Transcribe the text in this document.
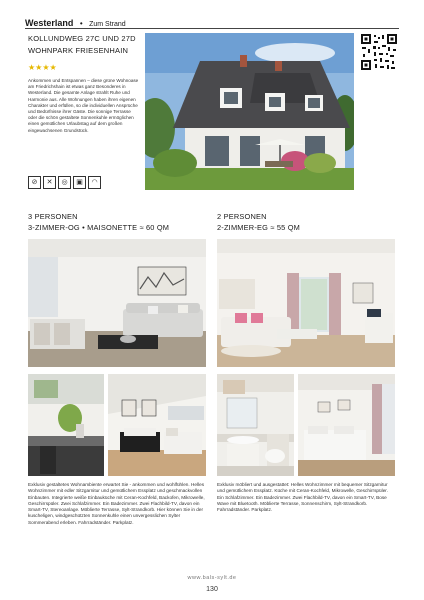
Westerland • Zum Strand
KOLLUNDWEG 27C UND 27D
WOHNPARK FRIESENHAIN
★★★★
Ankommen und Entspannen – diese grüne Wohnoase am Friedrichshain ist etwas ganz Besonderes in Westerland. Die gesamte Anlage strahlt Ruhe und Harmonie aus. Alle Wohnungen haben ihren eigenen Charakter und erfüllen, so die individuellen Ansprüche und Bedürfnisse ihrer Gäste. Die sonnige Terrasse oder die schön gestaltete Sonnenkuhle ermöglichen einen gemütlichen Urlaubstag auf dem großen eingewachsenen Grundstück.
⊘	✕	◎	▣	◠
3 PERSONEN
3-ZIMMER-OG • MAISONETTE ≈ 60 QM
2 PERSONEN
2-ZIMMER-EG ≈ 55 QM
Exklusiv gestaltetes Wohnambiente erwartet Sie - ankommen und wohlfühlen. Helles Wohnzimmer mit edler Sitzgarnitur und gemütlichem Essplatz und geschmackvollen Einbauten. Integrierte weiße Einbauküche mit Ceran-Kochfeld, Backofen, Mikrowelle, Geschirrspüler. Zwei Schlafzimmer. Ein Badezimmer. Zwei Flachbild-TV, davon ein Smart-TV, Stereoanlage. Möblierte Terrasse, Sylt-Strandkorb. Hier können Sie in der kuscheligen, windgeschützten Sonnenkuhle einen unvergesslichen Sylter Sommerabend erleben. Fahrradständer. Parkplatz.
Exklusiv möbliert und ausgestattet: Helles Wohnzimmer mit bequemer Sitzgarnitur und gemütlichem Essplatz. Küche mit Ceran-Kochfeld, Mikrowelle, Geschirrspüler. Ein Schlafzimmer. Ein Badezimmer. Zwei Flachbild-TV, davon ein Smart-TV, Bose Wave mit Bluetooth. Möblierte Terrasse, Sonnenschirm, Sylt-Strandkorb. Fahrradständer. Parkplatz.
www.bals-sylt.de
130
